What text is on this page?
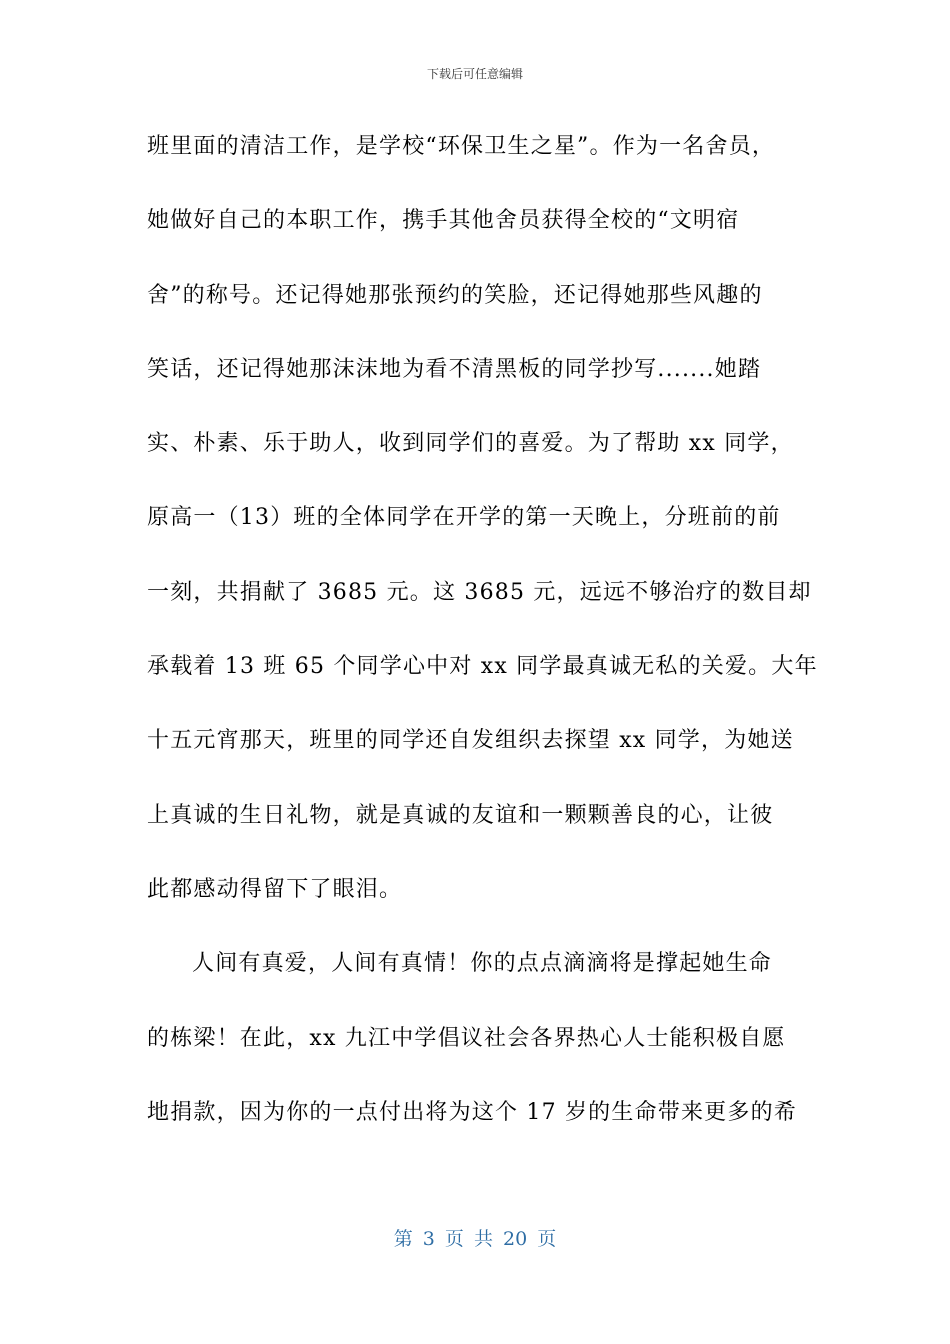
下载后可任意编辑
班里面的清洁工作，是学校“环保卫生之星”。作为一名舍员，
她做好自己的本职工作，携手其他舍员获得全校的“文明宿
舍”的称号。还记得她那张预约的笑脸，还记得她那些风趣的
笑话，还记得她那沫沫地为看不清黑板的同学抄写.......她踏
实、朴素、乐于助人，收到同学们的喜爱。为了帮助 xx 同学，
原高一（13）班的全体同学在开学的第一天晚上，分班前的前
一刻，共捐献了 3685 元。这 3685 元，远远不够治疗的数目却
承载着 13 班 65 个同学心中对 xx 同学最真诚无私的关爱。大年
十五元宵那天，班里的同学还自发组织去探望 xx 同学，为她送
上真诚的生日礼物，就是真诚的友谊和一颗颗善良的心，让彼
此都感动得留下了眼泪。
人间有真爱，人间有真情！你的点点滴滴将是撑起她生命
的栋梁！在此，xx 九江中学倡议社会各界热心人士能积极自愿
地捐款，因为你的一点付出将为这个 17 岁的生命带来更多的希
第 3 页 共 20 页
